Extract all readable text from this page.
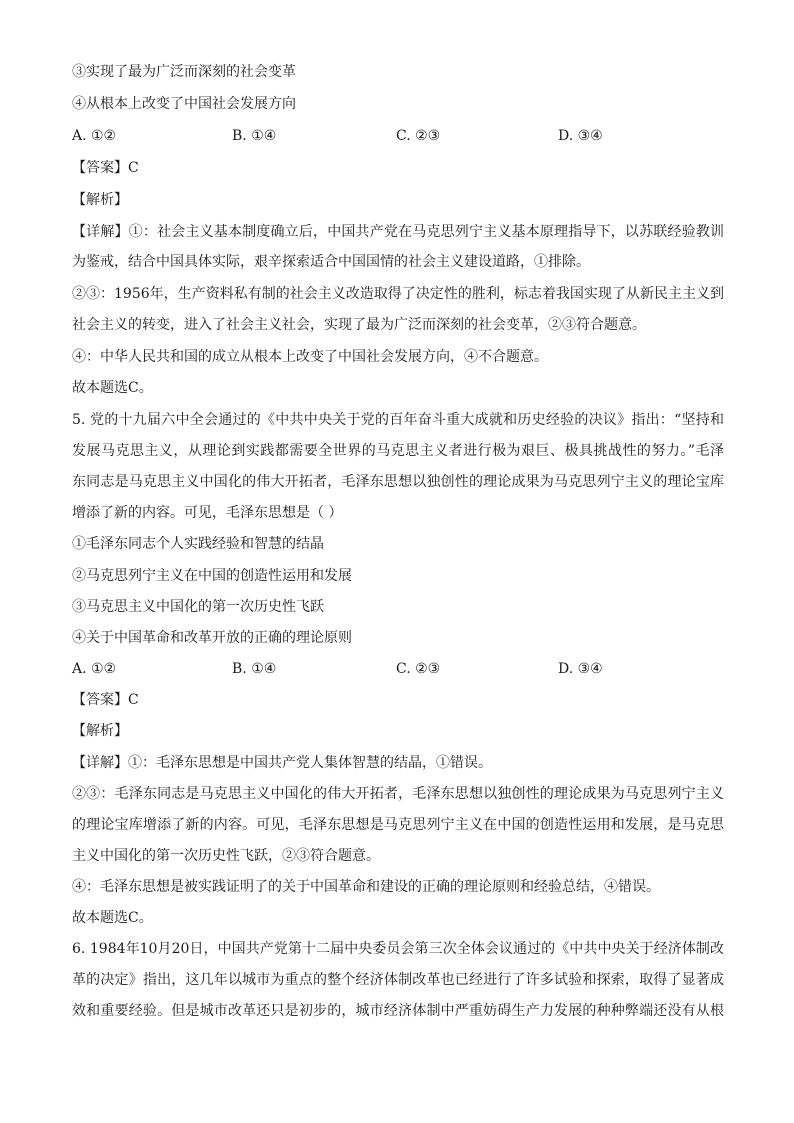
③实现了最为广泛而深刻的社会变革
④从根本上改变了中国社会发展方向
A. ①②	B. ①④	C. ②③	D. ③④
【答案】C
【解析】
【详解】①：社会主义基本制度确立后，中国共产党在马克思列宁主义基本原理指导下，以苏联经验教训
为鉴戒，结合中国具体实际，艰辛探索适合中国国情的社会主义建设道路，①排除。
②③：1956年，生产资料私有制的社会主义改造取得了决定性的胜利，标志着我国实现了从新民主主义到
社会主义的转变，进入了社会主义社会，实现了最为广泛而深刻的社会变革，②③符合题意。
④：中华人民共和国的成立从根本上改变了中国社会发展方向，④不合题意。
故本题选C。
5. 党的十九届六中全会通过的《中共中央关于党的百年奋斗重大成就和历史经验的决议》指出：“坚持和
发展马克思主义，从理论到实践都需要全世界的马克思主义者进行极为艰巨、极具挑战性的努力。”毛泽
东同志是马克思主义中国化的伟大开拓者，毛泽东思想以独创性的理论成果为马克思列宁主义的理论宝库
增添了新的内容。可见，毛泽东思想是（ ）
①毛泽东同志个人实践经验和智慧的结晶
②马克思列宁主义在中国的创造性运用和发展
③马克思主义中国化的第一次历史性飞跃
④关于中国革命和改革开放的正确的理论原则
A. ①②	B. ①④	C. ②③	D. ③④
【答案】C
【解析】
【详解】①：毛泽东思想是中国共产党人集体智慧的结晶，①错误。
②③：毛泽东同志是马克思主义中国化的伟大开拓者，毛泽东思想以独创性的理论成果为马克思列宁主义
的理论宝库增添了新的内容。可见，毛泽东思想是马克思列宁主义在中国的创造性运用和发展，是马克思
主义中国化的第一次历史性飞跃，②③符合题意。
④：毛泽东思想是被实践证明了的关于中国革命和建设的正确的理论原则和经验总结，④错误。
故本题选C。
6. 1984年10月20日，中国共产党第十二届中央委员会第三次全体会议通过的《中共中央关于经济体制改
革的决定》指出，这几年以城市为重点的整个经济体制改革也已经进行了许多试验和探索，取得了显著成
效和重要经验。但是城市改革还只是初步的，城市经济体制中严重妨碍生产力发展的种种弊端还没有从根
